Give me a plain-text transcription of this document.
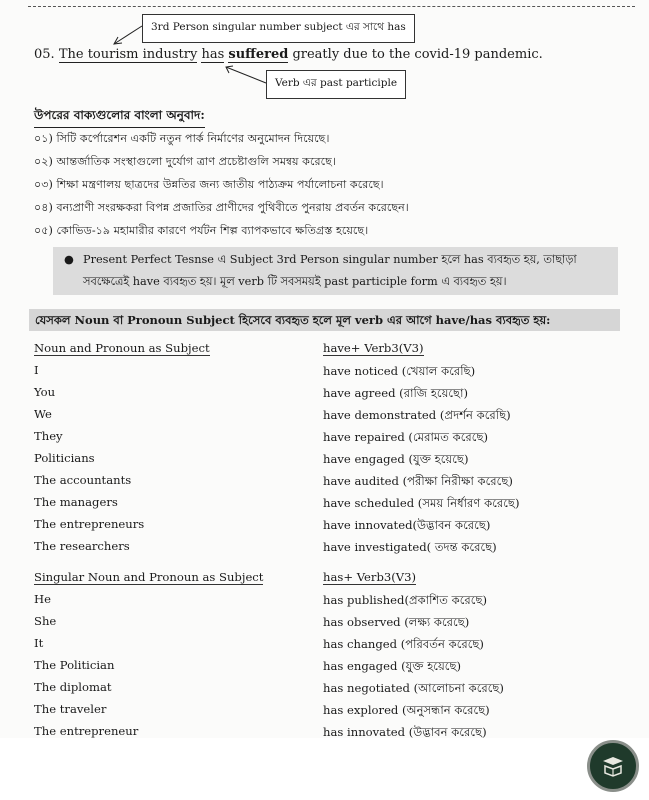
3rd Person singular number subject এর সাথে has
Verb এর past participle
05. The tourism industry has suffered greatly due to the covid-19 pandemic.
উপরের বাক্যগুলোর বাংলা অনুবাদ:
০১) সিটি কর্পোরেশন একটি নতুন পার্ক নির্মাণের অনুমোদন দিয়েছে।
০২) আন্তর্জাতিক সংস্থাগুলো দুর্যোগ ত্রাণ প্রচেষ্টাগুলি সমন্বয় করেছে।
০৩) শিক্ষা মন্ত্রণালয় ছাত্রদের উন্নতির জন্য জাতীয় পাঠ্যক্রম পর্যালোচনা করেছে।
০৪) বন্যপ্রাণী সংরক্ষকরা বিপন্ন প্রজাতির প্রাণীদের পুথিবীতে পুনরায় প্রবর্তন করেছেন।
০৫) কোভিড-১৯ মহামারীর কারণে পর্যটন শিল্প ব্যাপকভাবে ক্ষতিগ্রস্ত হয়েছে।
● Present Perfect Tesnse এ Subject 3rd Person singular number হলে has ব্যবহৃত হয়, তাছাড়া
সবক্ষেত্রেই have ব্যবহৃত হয়। মূল verb টি সবসময়ই past participle form এ ব্যবহৃত হয়।
যেসকল Noun বা Pronoun Subject হিসেবে ব্যবহৃত হলে মূল verb এর আগে have/has ব্যবহৃত হয়:
Noun and Pronoun as Subject	have+ Verb3(V3)
I	have noticed (খেয়াল করেছি)
You	have agreed (রাজি হয়েছো)
We	have demonstrated (প্রদর্শন করেছি)
They	have repaired (মেরামত করেছে)
Politicians	have engaged (যুক্ত হয়েছে)
The accountants	have audited (পরীক্ষা নিরীক্ষা করেছে)
The managers	have scheduled (সময় নির্ধারণ করেছে)
The entrepreneurs	have innovated(উদ্ভাবন করেছে)
The researchers	have investigated( তদন্ত করেছে)
Singular Noun and Pronoun as Subject	has+ Verb3(V3)
He	has published(প্রকাশিত করেছে)
She	has observed (লক্ষ্য করেছে)
It	has changed (পরিবর্তন করেছে)
The Politician	has engaged (যুক্ত হয়েছে)
The diplomat	has negotiated (আলোচনা করেছে)
The traveler	has explored (অনুসন্ধান করেছে)
The entrepreneur	has innovated (উদ্ভাবন করেছে)
